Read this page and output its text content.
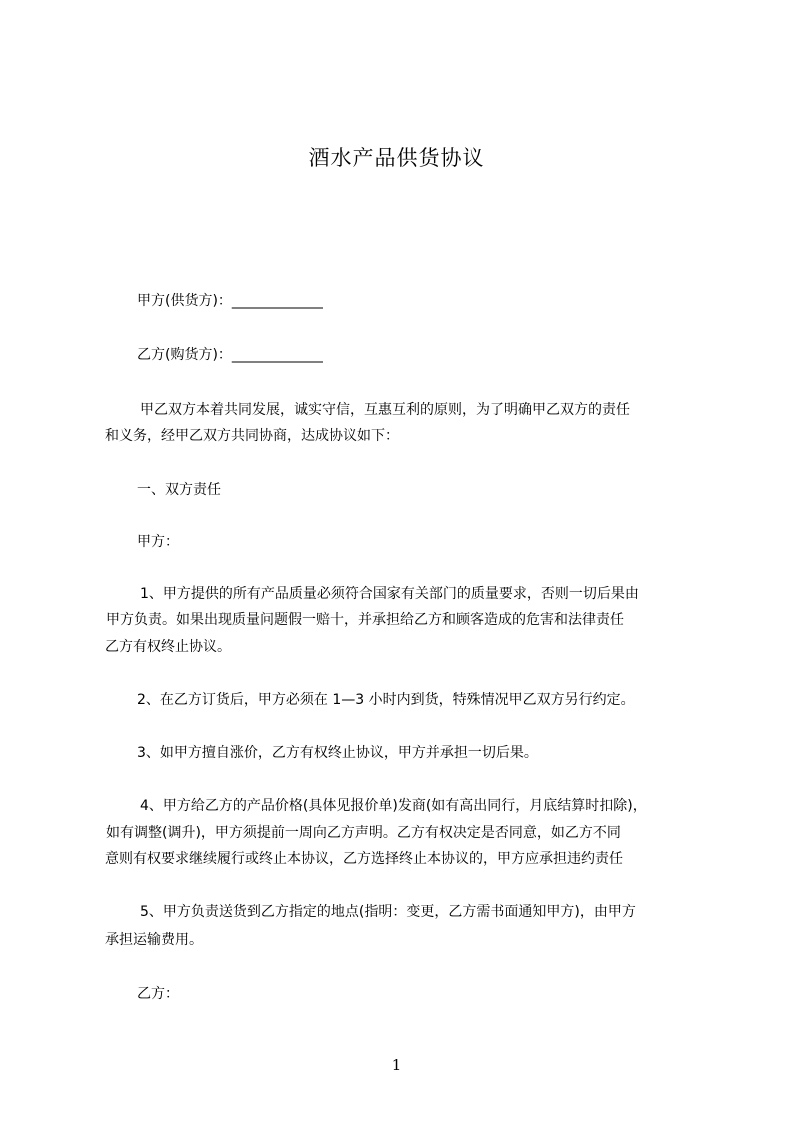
酒水产品供货协议
甲方(供货方)：_____________
乙方(购货方)：_____________
甲乙双方本着共同发展，诚实守信，互惠互利的原则，为了明确甲乙双方的责任
和义务，经甲乙双方共同协商，达成协议如下：
一、双方责任
甲方：
1、甲方提供的所有产品质量必须符合国家有关部门的质量要求，否则一切后果由
甲方负责。如果出现质量问题假一赔十，并承担给乙方和顾客造成的危害和法律责任
乙方有权终止协议。
2、在乙方订货后，甲方必须在 1—3 小时内到货，特殊情况甲乙双方另行约定。
3、如甲方擅自涨价，乙方有权终止协议，甲方并承担一切后果。
4、甲方给乙方的产品价格(具体见报价单)发商(如有高出同行，月底结算时扣除)，
如有调整(调升)，甲方须提前一周向乙方声明。乙方有权决定是否同意，如乙方不同
意则有权要求继续履行或终止本协议，乙方选择终止本协议的，甲方应承担违约责任
5、甲方负责送货到乙方指定的地点(指明：变更，乙方需书面通知甲方)，由甲方
承担运输费用。
乙方：
1
